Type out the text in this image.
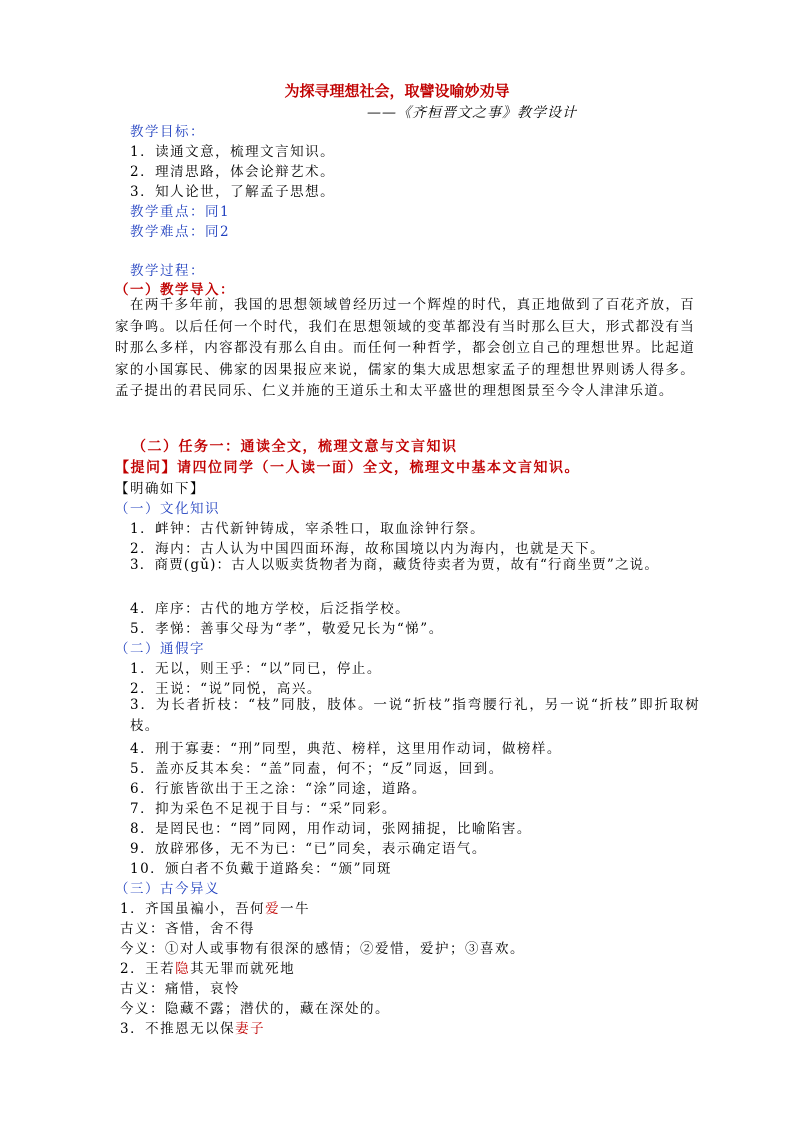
为探寻理想社会，取譬设喻妙劝导
——《齐桓晋文之事》教学设计
教学目标：
1．读通文意，梳理文言知识。
2．理清思路，体会论辩艺术。
3．知人论世，了解孟子思想。
教学重点：同1
教学难点：同2
教学过程：
（一）教学导入：
在两千多年前，我国的思想领域曾经历过一个辉煌的时代，真正地做到了百花齐放，百家争鸣。以后任何一个时代，我们在思想领域的变革都没有当时那么巨大，形式都没有当时那么多样，内容都没有那么自由。而任何一种哲学，都会创立自己的理想世界。比起道家的小国寡民、佛家的因果报应来说，儒家的集大成思想家孟子的理想世界则诱人得多。孟子提出的君民同乐、仁义并施的王道乐土和太平盛世的理想图景至今令人津津乐道。
（二）任务一：通读全文，梳理文意与文言知识
【提问】请四位同学（一人读一面）全文，梳理文中基本文言知识。
【明确如下】
（一）文化知识
1．衅钟：古代新钟铸成，宰杀牲口，取血涂钟行祭。
2．海内：古人认为中国四面环海，故称国境以内为海内，也就是天下。
3．商贾(gǔ)：古人以贩卖货物者为商，藏货待卖者为贾，故有“行商坐贾”之说。
4．庠序：古代的地方学校，后泛指学校。
5．孝悌：善事父母为“孝”，敬爱兄长为“悌”。
（二）通假字
1．无以，则王乎：“以”同已，停止。
2．王说：“说”同悦，高兴。
3．为长者折枝：“枝”同肢，肢体。一说“折枝”指弯腰行礼，另一说“折枝”即折取树枝。
4．刑于寡妻：“刑”同型，典范、榜样，这里用作动词，做榜样。
5．盖亦反其本矣：“盖”同盍，何不；“反”同返，回到。
6．行旅皆欲出于王之涂：“涂”同途，道路。
7．抑为采色不足视于目与：“采”同彩。
8．是罔民也：“罔”同网，用作动词，张网捕捉，比喻陷害。
9．放辟邪侈，无不为已：“已”同矣，表示确定语气。
10．颁白者不负戴于道路矣：“颁”同斑
（三）古今异义
1．齐国虽褊小，吾何爱一牛
古义：吝惜，舍不得
今义：①对人或事物有很深的感情；②爱惜，爱护；③喜欢。
2．王若隐其无罪而就死地
古义：痛惜，哀怜
今义：隐藏不露；潜伏的，藏在深处的。
3．不推恩无以保妻子
